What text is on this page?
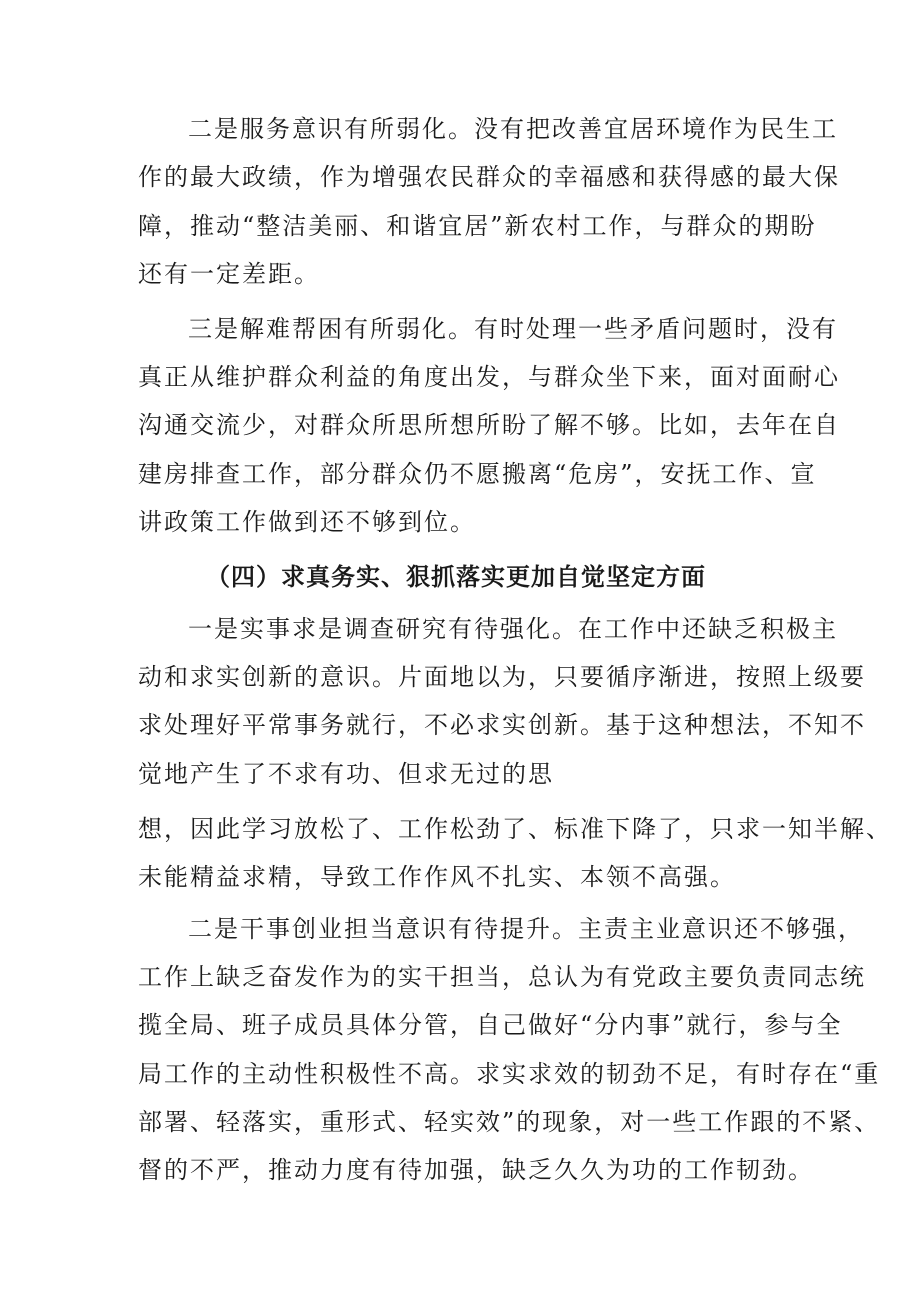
二是服务意识有所弱化。没有把改善宜居环境作为民生工

作的最大政绩，作为增强农民群众的幸福感和获得感的最大保

障，推动“整洁美丽、和谐宜居”新农村工作，与群众的期盼

还有一定差距。

三是解难帮困有所弱化。有时处理一些矛盾问题时，没有

真正从维护群众利益的角度出发，与群众坐下来，面对面耐心

沟通交流少，对群众所思所想所盼了解不够。比如，去年在自

建房排查工作，部分群众仍不愿搬离“危房”，安抚工作、宣

讲政策工作做到还不够到位。

（四）求真务实、狠抓落实更加自觉坚定方面

一是实事求是调查研究有待强化。在工作中还缺乏积极主

动和求实创新的意识。片面地以为，只要循序渐进，按照上级要

求处理好平常事务就行，不必求实创新。基于这种想法，不知不

觉地产生了不求有功、但求无过的思

想，因此学习放松了、工作松劲了、标准下降了，只求一知半解、

未能精益求精，导致工作作风不扎实、本领不高强。

二是干事创业担当意识有待提升。主责主业意识还不够强，

工作上缺乏奋发作为的实干担当，总认为有党政主要负责同志统

揽全局、班子成员具体分管，自己做好“分内事”就行，参与全

局工作的主动性积极性不高。求实求效的韧劲不足，有时存在“重

部署、轻落实，重形式、轻实效”的现象，对一些工作跟的不紧、

督的不严，推动力度有待加强，缺乏久久为功的工作韧劲。
